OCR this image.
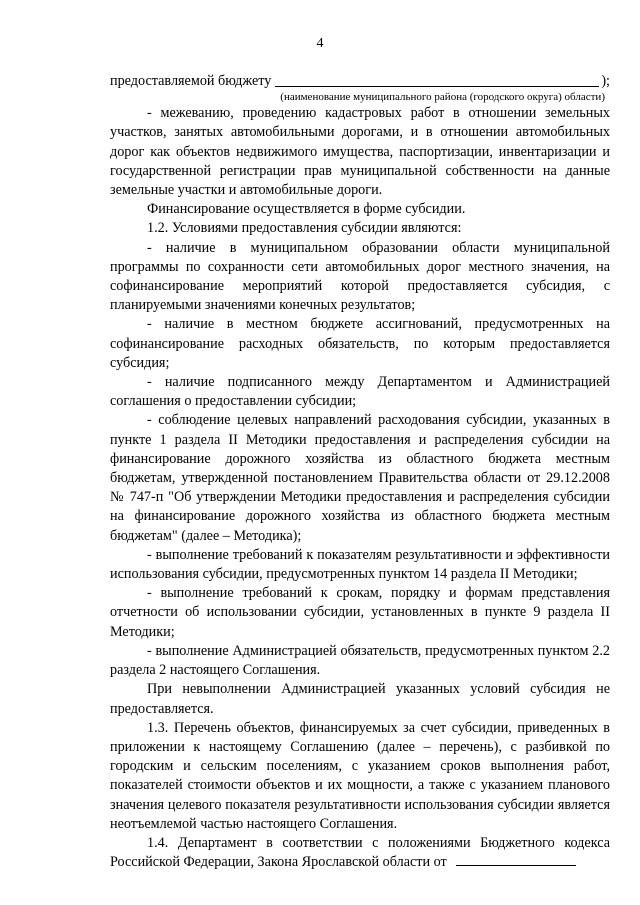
4
предоставляемой бюджету	);

(наименование муниципального района (городского округа) области)

- межеванию, проведению кадастровых работ в отношении земельных участков, занятых автомобильными дорогами, и в отношении автомобильных дорог как объектов недвижимого имущества, паспортизации, инвентаризации и государственной регистрации прав муниципальной собственности на данные земельные участки и автомобильные дороги.

Финансирование осуществляется в форме субсидии.

1.2. Условиями предоставления субсидии являются:

- наличие в муниципальном образовании области муниципальной программы по сохранности сети автомобильных дорог местного значения, на софинансирование мероприятий которой предоставляется субсидия, с планируемыми значениями конечных результатов;

- наличие в местном бюджете ассигнований, предусмотренных на софинансирование расходных обязательств, по которым предоставляется субсидия;

- наличие подписанного между Департаментом и Администрацией соглашения о предоставлении субсидии;

- соблюдение целевых направлений расходования субсидии, указанных в пункте 1 раздела II Методики предоставления и распределения субсидии на финансирование дорожного хозяйства из областного бюджета местным бюджетам, утвержденной постановлением Правительства области от 29.12.2008 № 747-п "Об утверждении Методики предоставления и распределения субсидии на финансирование дорожного хозяйства из областного бюджета местным бюджетам" (далее – Методика);

- выполнение требований к показателям результативности и эффективности использования субсидии, предусмотренных пунктом 14 раздела II Методики;

- выполнение требований к срокам, порядку и формам представления отчетности об использовании субсидии, установленных в пункте 9 раздела II Методики;

- выполнение Администрацией обязательств, предусмотренных пунктом 2.2 раздела 2 настоящего Соглашения.

При невыполнении Администрацией указанных условий субсидия не предоставляется.

1.3. Перечень объектов, финансируемых за счет субсидии, приведенных в приложении к настоящему Соглашению (далее – перечень), с разбивкой по городским и сельским поселениям, с указанием сроков выполнения работ, показателей стоимости объектов и их мощности, а также с указанием планового значения целевого показателя результативности использования субсидии является неотъемлемой частью настоящего Соглашения.

1.4. Департамент в соответствии с положениями Бюджетного кодекса Российской Федерации, Закона Ярославской области от
